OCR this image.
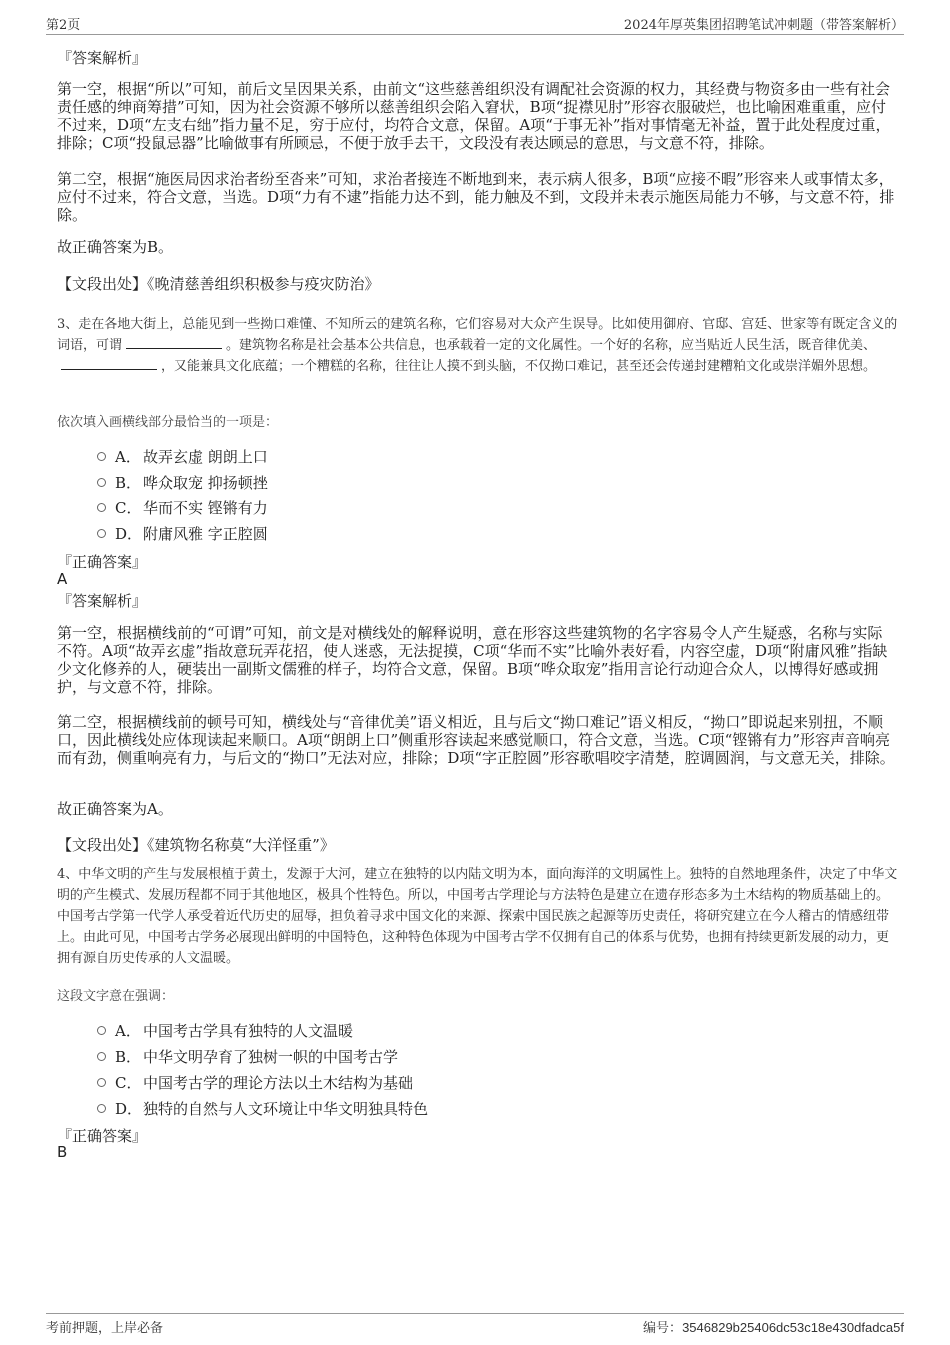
第2页	2024年厚英集团招聘笔试冲刺题（带答案解析）
『答案解析』
第一空，根据“所以”可知，前后文呈因果关系，由前文“这些慈善组织没有调配社会资源的权力，其经费与物资多由一些有社会责任感的绅商筹措”可知，因为社会资源不够所以慈善组织会陷入窘状，B项“捉襟见肘”形容衣服破烂，也比喻困难重重，应付不过来，D项“左支右绌”指力量不足，穷于应付，均符合文意，保留。A项“于事无补”指对事情毫无补益，置于此处程度过重，排除；C项“投鼠忌器”比喻做事有所顾忌，不便于放手去干，文段没有表达顾忌的意思，与文意不符，排除。
第二空，根据“施医局因求治者纷至沓来”可知，求治者接连不断地到来，表示病人很多，B项“应接不暇”形容来人或事情太多，应付不过来，符合文意，当选。D项“力有不逮”指能力达不到，能力触及不到，文段并未表示施医局能力不够，与文意不符，排除。
故正确答案为B。
【文段出处】《晚清慈善组织积极参与疫灾防治》
3、走在各地大街上，总能见到一些拗口难懂、不知所云的建筑名称，它们容易对大众产生误导。比如使用御府、官邸、宫廷、世家等有既定含义的词语，可谓	。建筑物名称是社会基本公共信息，也承载着一定的文化属性。一个好的名称，应当贴近人民生活，既音律优美、，又能兼具文化底蕴；一个糟糕的名称，往往让人摸不到头脑，不仅拗口难记，甚至还会传递封建糟粕文化或崇洋媚外思想。
依次填入画横线部分最恰当的一项是：
A． 故弄玄虚 朗朗上口
B． 哗众取宠 抑扬顿挫
C． 华而不实 铿锵有力
D． 附庸风雅 字正腔圆
『正确答案』
A
『答案解析』
第一空，根据横线前的“可谓”可知，前文是对横线处的解释说明，意在形容这些建筑物的名字容易令人产生疑惑，名称与实际不符。A项“故弄玄虚”指故意玩弄花招，使人迷惑，无法捉摸，C项“华而不实”比喻外表好看，内容空虚，D项“附庸风雅”指缺少文化修养的人，硬装出一副斯文儒雅的样子，均符合文意，保留。B项“哗众取宠”指用言论行动迎合众人，以博得好感或拥护，与文意不符，排除。
第二空，根据横线前的顿号可知，横线处与“音律优美”语义相近，且与后文“拗口难记”语义相反，“拗口”即说起来别扭，不顺口，因此横线处应体现读起来顺口。A项“朗朗上口”侧重形容读起来感觉顺口，符合文意，当选。C项“铿锵有力”形容声音响亮而有劲，侧重响亮有力，与后文的“拗口”无法对应，排除；D项“字正腔圆”形容歌唱咬字清楚，腔调圆润，与文意无关，排除。
故正确答案为A。
【文段出处】《建筑物名称莫“大洋怪重”》
4、中华文明的产生与发展根植于黄土，发源于大河，建立在独特的以内陆文明为本，面向海洋的文明属性上。独特的自然地理条件，决定了中华文明的产生模式、发展历程都不同于其他地区，极具个性特色。所以，中国考古学理论与方法特色是建立在遗存形态多为土木结构的物质基础上的。中国考古学第一代学人承受着近代历史的屈辱，担负着寻求中国文化的来源、探索中国民族之起源等历史责任，将研究建立在今人稽古的情感纽带上。由此可见，中国考古学务必展现出鲜明的中国特色，这种特色体现为中国考古学不仅拥有自己的体系与优势，也拥有持续更新发展的动力，更拥有源自历史传承的人文温暖。
这段文字意在强调：
A． 中国考古学具有独特的人文温暖
B． 中华文明孕育了独树一帜的中国考古学
C． 中国考古学的理论方法以土木结构为基础
D． 独特的自然与人文环境让中华文明独具特色
『正确答案』
B
考前押题，上岸必备	编号：3546829b25406dc53c18e430dfadca5f
